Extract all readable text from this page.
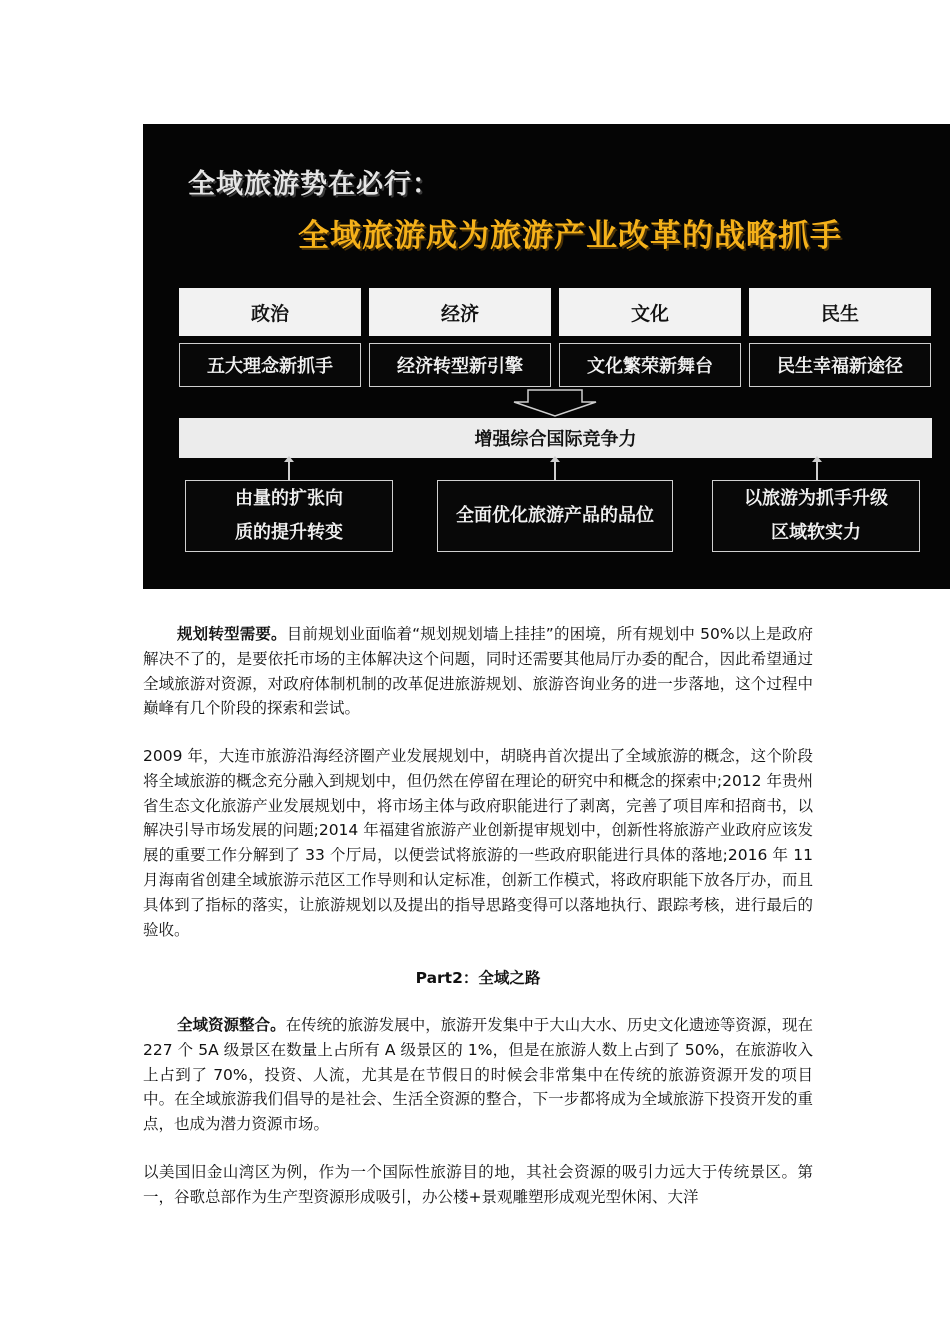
全域旅游势在必行：
全域旅游成为旅游产业改革的战略抓手
政治	经济	文化	民生
五大理念新抓手	经济转型新引擎	文化繁荣新舞台	民生幸福新途径
增强综合国际竞争力
由量的扩张向
质的提升转变
全面优化旅游产品的品位
以旅游为抓手升级
区域软实力

规划转型需要。目前规划业面临着“规划规划墙上挂挂”的困境，所有规划中 50%以上是政府解决不了的，是要依托市场的主体解决这个问题，同时还需要其他局厅办委的配合，因此希望通过全域旅游对资源，对政府体制机制的改革促进旅游规划、旅游咨询业务的进一步落地，这个过程中巅峰有几个阶段的探索和尝试。

2009 年，大连市旅游沿海经济圈产业发展规划中，胡晓冉首次提出了全域旅游的概念，这个阶段将全域旅游的概念充分融入到规划中，但仍然在停留在理论的研究中和概念的探索中;2012 年贵州省生态文化旅游产业发展规划中，将市场主体与政府职能进行了剥离，完善了项目库和招商书，以解决引导市场发展的问题;2014 年福建省旅游产业创新提审规划中，创新性将旅游产业政府应该发展的重要工作分解到了 33 个厅局，以便尝试将旅游的一些政府职能进行具体的落地;2016 年 11 月海南省创建全域旅游示范区工作导则和认定标准，创新工作模式，将政府职能下放各厅办，而且具体到了指标的落实，让旅游规划以及提出的指导思路变得可以落地执行、跟踪考核，进行最后的验收。

Part2：全域之路

全域资源整合。在传统的旅游发展中，旅游开发集中于大山大水、历史文化遗迹等资源，现在 227 个 5A 级景区在数量上占所有 A 级景区的 1%，但是在旅游人数上占到了 50%，在旅游收入上占到了 70%，投资、人流，尤其是在节假日的时候会非常集中在传统的旅游资源开发的项目中。在全域旅游我们倡导的是社会、生活全资源的整合，下一步都将成为全域旅游下投资开发的重点，也成为潜力资源市场。

以美国旧金山湾区为例，作为一个国际性旅游目的地，其社会资源的吸引力远大于传统景区。第一，谷歌总部作为生产型资源形成吸引，办公楼+景观雕塑形成观光型休闲、大洋
